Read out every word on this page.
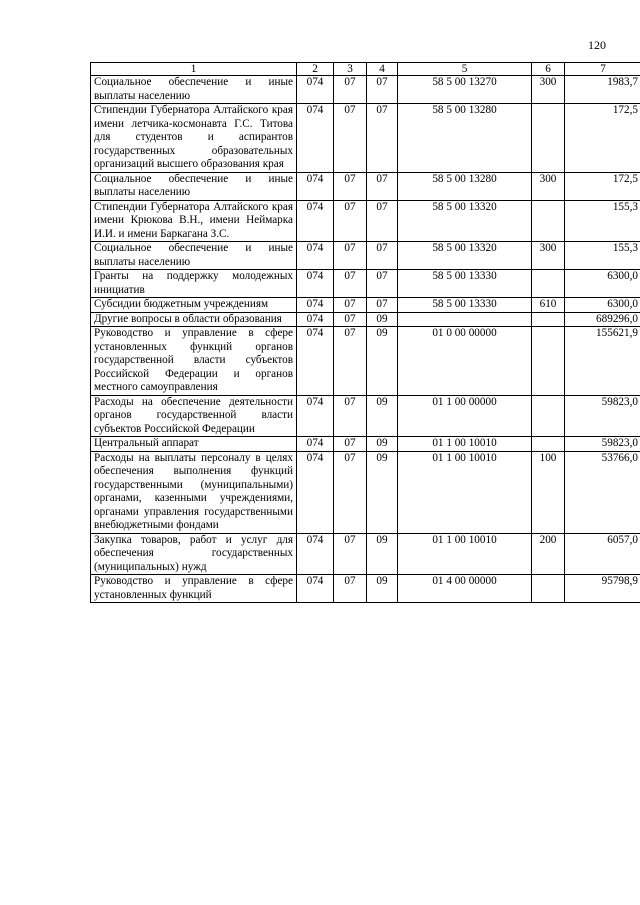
120
1	2	3	4	5	6	7
Социальное обеспечение и иные выплаты населению	074	07	07	58 5 00 13270	300	1983,7
Стипендии Губернатора Алтайского края имени летчика-космонавта Г.С. Титова для студентов и аспирантов государственных образовательных организаций высшего образования края	074	07	07	58 5 00 13280		172,5
Социальное обеспечение и иные выплаты населению	074	07	07	58 5 00 13280	300	172,5
Стипендии Губернатора Алтайского края имени Крюкова В.Н., имени Неймарка И.И. и имени Баркагана З.С.	074	07	07	58 5 00 13320		155,3
Социальное обеспечение и иные выплаты населению	074	07	07	58 5 00 13320	300	155,3
Гранты на поддержку молодежных инициатив	074	07	07	58 5 00 13330		6300,0
Субсидии бюджетным учреждениям	074	07	07	58 5 00 13330	610	6300,0
Другие вопросы в области образования	074	07	09			689296,0
Руководство и управление в сфере установленных функций органов государственной власти субъектов Российской Федерации и органов местного самоуправления	074	07	09	01 0 00 00000		155621,9
Расходы на обеспечение деятельности органов государственной власти субъектов Российской Федерации	074	07	09	01 1 00 00000		59823,0
Центральный аппарат	074	07	09	01 1 00 10010		59823,0
Расходы на выплаты персоналу в целях обеспечения выполнения функций государственными (муниципальными) органами, казенными учреждениями, органами управления государственными внебюджетными фондами	074	07	09	01 1 00 10010	100	53766,0
Закупка товаров, работ и услуг для обеспечения государственных (муниципальных) нужд	074	07	09	01 1 00 10010	200	6057,0
Руководство и управление в сфере установленных функций	074	07	09	01 4 00 00000		95798,9
